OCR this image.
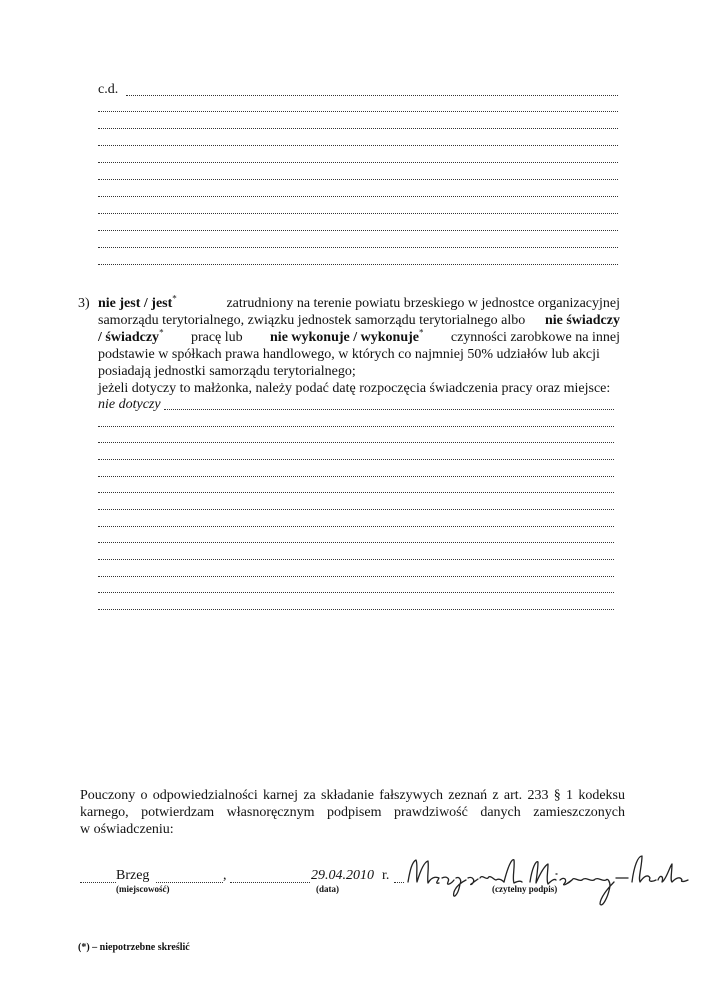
c.d.
3) nie jest / jest*	zatrudniony na terenie powiatu brzeskiego w jednostce organizacyjnej
samorządu terytorialnego, związku jednostek samorządu terytorialnego albo nie świadczy
/ świadczy* pracę lub nie wykonuje / wykonuje* czynności zarobkowe na innej
podstawie w spółkach prawa handlowego, w których co najmniej 50% udziałów lub akcji
posiadają jednostki samorządu terytorialnego;
jeżeli dotyczy to małżonka, należy podać datę rozpoczęcia świadczenia pracy oraz miejsce:
nie dotyczy
Pouczony o odpowiedzialności karnej za składanie fałszywych zeznań z art. 233 § 1 kodeksu
karnego, potwierdzam własnoręcznym podpisem prawdziwość danych zamieszczonych
w oświadczeniu:
Brzeg	,
(miejscowość)
29.04.2010 r.
(data)	(czytelny podpis)
(*) – niepotrzebne skreślić
